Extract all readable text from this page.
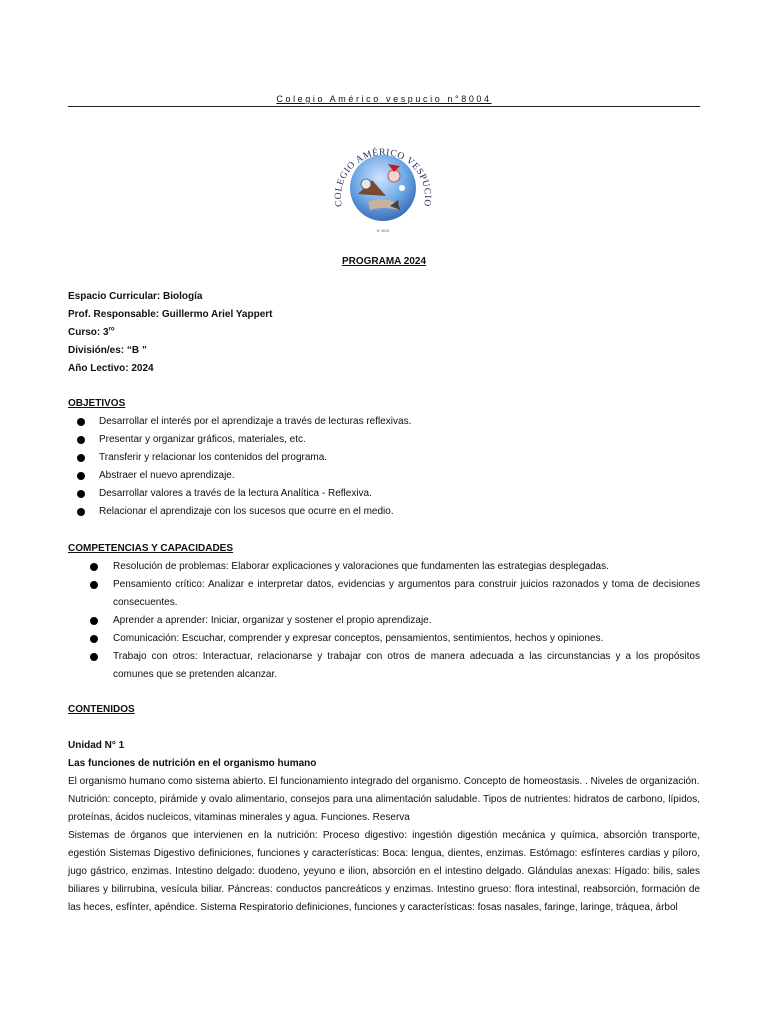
Colegio Américo vespucio n°8004
COLEGIO AMÉRICO VESPUCIO
N° 8004
PROGRAMA 2024
Espacio Curricular: Biología
Prof. Responsable: Guillermo Ariel Yappert
Curso: $3^{ro}$
División/es: “B ”
Año Lectivo: 2024
OBJETIVOS
Desarrollar el interés por el aprendizaje a través de lecturas reflexivas.
Presentar y organizar gráficos, materiales, etc.
Transferir y relacionar los contenidos del programa.
Abstraer el nuevo aprendizaje.
Desarrollar valores a través de la lectura Analítica - Reflexiva.
Relacionar el aprendizaje con los sucesos que ocurre en el medio.
COMPETENCIAS Y CAPACIDADES
Resolución de problemas: Elaborar explicaciones y valoraciones que fundamenten las estrategias desplegadas.
Pensamiento crítico: Analizar e interpretar datos, evidencias y argumentos para construir juicios razonados y toma de decisiones consecuentes.
Aprender a aprender: Iniciar, organizar y sostener el propio aprendizaje.
Comunicación: Escuchar, comprender y expresar conceptos, pensamientos, sentimientos, hechos y opiniones.
Trabajo con otros: Interactuar, relacionarse y trabajar con otros de manera adecuada a las circunstancias y a los propósitos comunes que se pretenden alcanzar.
CONTENIDOS
Unidad N° 1
Las funciones de nutrición en el organismo humano

El organismo humano como sistema abierto. El funcionamiento integrado del organismo. Concepto de homeostasis. . Niveles de organización.

Nutrición: concepto, pirámide y ovalo alimentario, consejos para una alimentación saludable. Tipos de nutrientes: hidratos de carbono, lípidos, proteínas, ácidos nucleicos, vitaminas minerales y agua. Funciones. Reserva

Sistemas de órganos que intervienen en la nutrición: Proceso digestivo: ingestión digestión mecánica y química, absorción transporte, egestión Sistemas Digestivo definiciones, funciones y características: Boca: lengua, dientes, enzimas. Estómago: esfínteres cardias y píloro, jugo gástrico, enzimas. Intestino delgado: duodeno, yeyuno e ilion, absorción en el intestino delgado. Glándulas anexas: Hígado: bilis, sales biliares y bilirrubina, vesícula biliar. Páncreas: conductos pancreáticos y enzimas. Intestino grueso: flora intestinal, reabsorción, formación de las heces, esfínter, apéndice. Sistema Respiratorio definiciones, funciones y características: fosas nasales, faringe, laringe, tráquea, árbol
